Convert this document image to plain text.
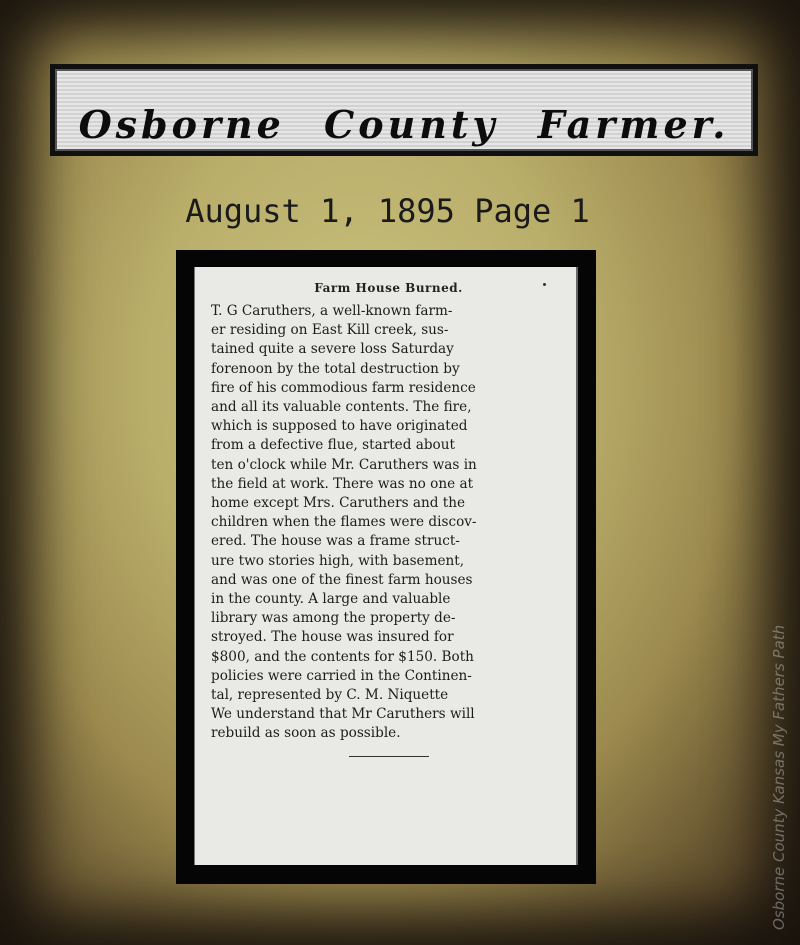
Osborne County Farmer.
August 1, 1895 Page 1
Farm House Burned.
T. G Caruthers, a well-known farm-
er residing on East Kill creek, sus-
tained quite a severe loss Saturday
forenoon by the total destruction by
fire of his commodious farm residence
and all its valuable contents. The fire,
which is supposed to have originated
from a defective flue, started about
ten o'clock while Mr. Caruthers was in
the field at work. There was no one at
home except Mrs. Caruthers and the
children when the flames were discov-
ered. The house was a frame struct-
ure two stories high, with basement,
and was one of the finest farm houses
in the county. A large and valuable
library was among the property de-
stroyed. The house was insured for
$800, and the contents for $150. Both
policies were carried in the Continen-
tal, represented by C. M. Niquette
We understand that Mr Caruthers will
rebuild as soon as possible.	Osborne County Kansas My Fathers Path
